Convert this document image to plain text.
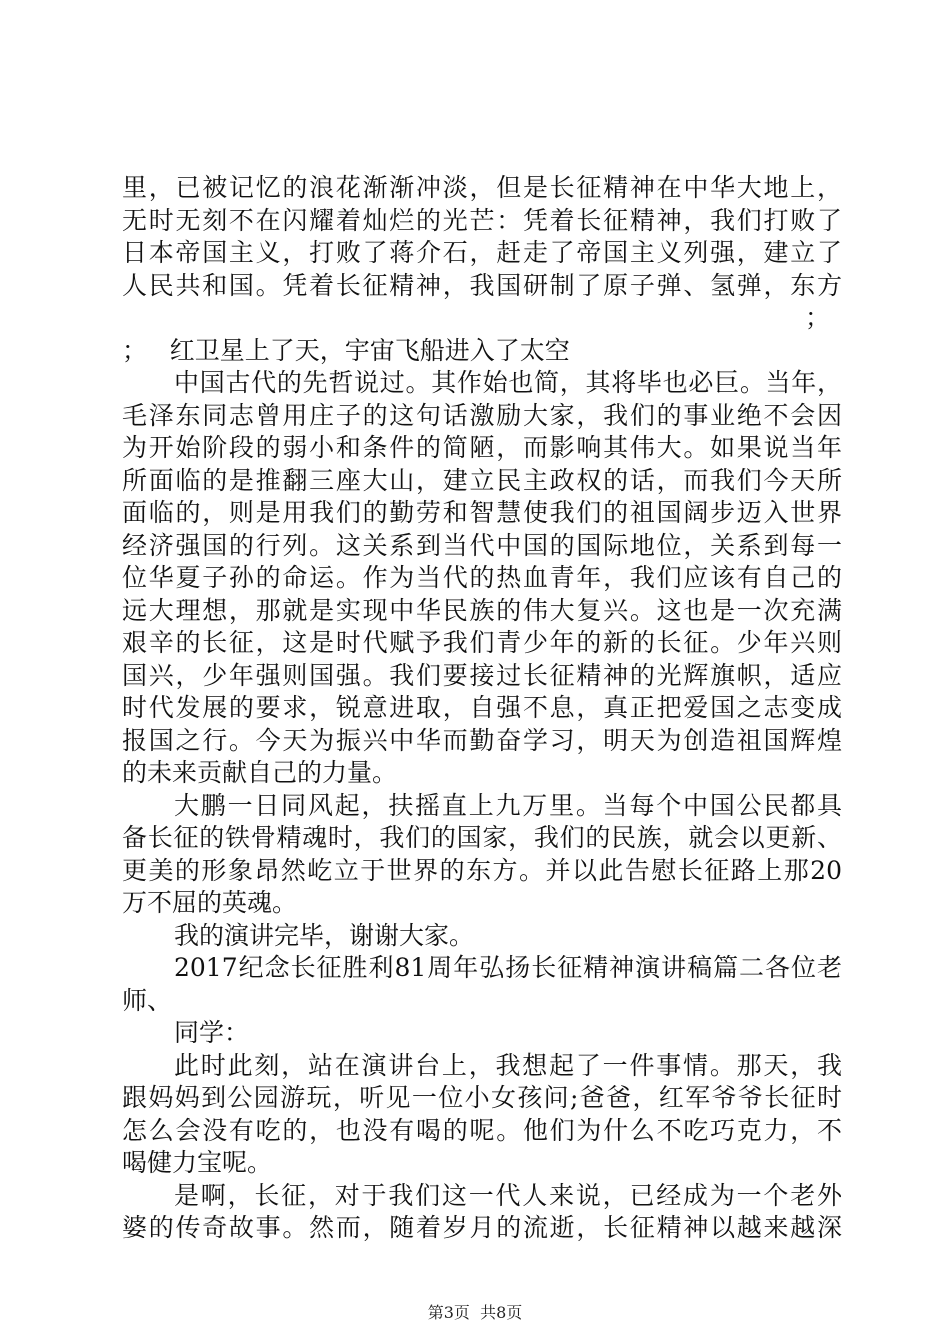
里，已被记忆的浪花渐渐冲淡，但是长征精神在中华大地上，
无时无刻不在闪耀着灿烂的光芒：凭着长征精神，我们打败了
日本帝国主义，打败了蒋介石，赶走了帝国主义列强，建立了
人民共和国。凭着长征精神，我国研制了原子弹、氢弹，东方

红卫星上了天，宇宙飞船进入了太空

；

；
中国古代的先哲说过。其作始也简，其将毕也必巨。当年，
毛泽东同志曾用庄子的这句话激励大家，我们的事业绝不会因
为开始阶段的弱小和条件的简陋，而影响其伟大。如果说当年
所面临的是推翻三座大山，建立民主政权的话，而我们今天所
面临的，则是用我们的勤劳和智慧使我们的祖国阔步迈入世界
经济强国的行列。这关系到当代中国的国际地位，关系到每一
位华夏子孙的命运。作为当代的热血青年，我们应该有自己的
远大理想，那就是实现中华民族的伟大复兴。这也是一次充满
艰辛的长征，这是时代赋予我们青少年的新的长征。少年兴则
国兴，少年强则国强。我们要接过长征精神的光辉旗帜，适应
时代发展的要求，锐意进取，自强不息，真正把爱国之志变成
报国之行。今天为振兴中华而勤奋学习，明天为创造祖国辉煌
的未来贡献自己的力量。
大鹏一日同风起，扶摇直上九万里。当每个中国公民都具
备长征的铁骨精魂时，我们的国家，我们的民族，就会以更新、
更美的形象昂然屹立于世界的东方。并以此告慰长征路上那20
万不屈的英魂。
我的演讲完毕，谢谢大家。
2017纪念长征胜利81周年弘扬长征精神演讲稿篇二各位老
师、
同学：
此时此刻，站在演讲台上，我想起了一件事情。那天，我
跟妈妈到公园游玩，听见一位小女孩问;爸爸，红军爷爷长征时
怎么会没有吃的，也没有喝的呢。他们为什么不吃巧克力，不
喝健力宝呢。
是啊，长征，对于我们这一代人来说，已经成为一个老外
婆的传奇故事。然而，随着岁月的流逝，长征精神以越来越深
第3页  共8页
